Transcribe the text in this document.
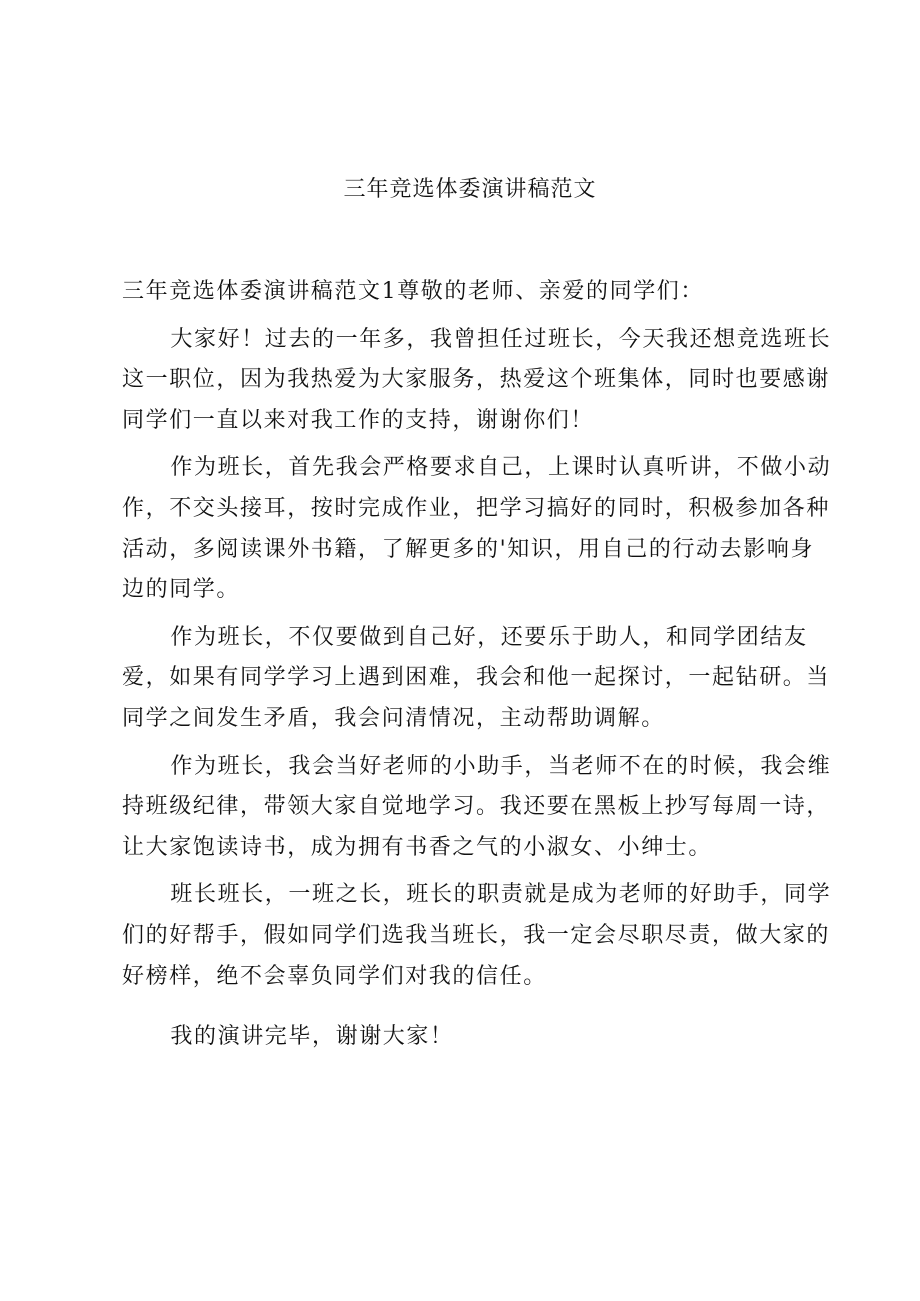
三年竞选体委演讲稿范文

三年竞选体委演讲稿范文1尊敬的老师、亲爱的同学们：

大家好！过去的一年多，我曾担任过班长，今天我还想竞选班长这一职位，因为我热爱为大家服务，热爱这个班集体，同时也要感谢同学们一直以来对我工作的支持，谢谢你们！

作为班长，首先我会严格要求自己，上课时认真听讲，不做小动作，不交头接耳，按时完成作业，把学习搞好的同时，积极参加各种活动，多阅读课外书籍，了解更多的'知识，用自己的行动去影响身边的同学。

作为班长，不仅要做到自己好，还要乐于助人，和同学团结友爱，如果有同学学习上遇到困难，我会和他一起探讨，一起钻研。当同学之间发生矛盾，我会问清情况，主动帮助调解。

作为班长，我会当好老师的小助手，当老师不在的时候，我会维持班级纪律，带领大家自觉地学习。我还要在黑板上抄写每周一诗，让大家饱读诗书，成为拥有书香之气的小淑女、小绅士。

班长班长，一班之长，班长的职责就是成为老师的好助手，同学们的好帮手，假如同学们选我当班长，我一定会尽职尽责，做大家的好榜样，绝不会辜负同学们对我的信任。

我的演讲完毕，谢谢大家！
